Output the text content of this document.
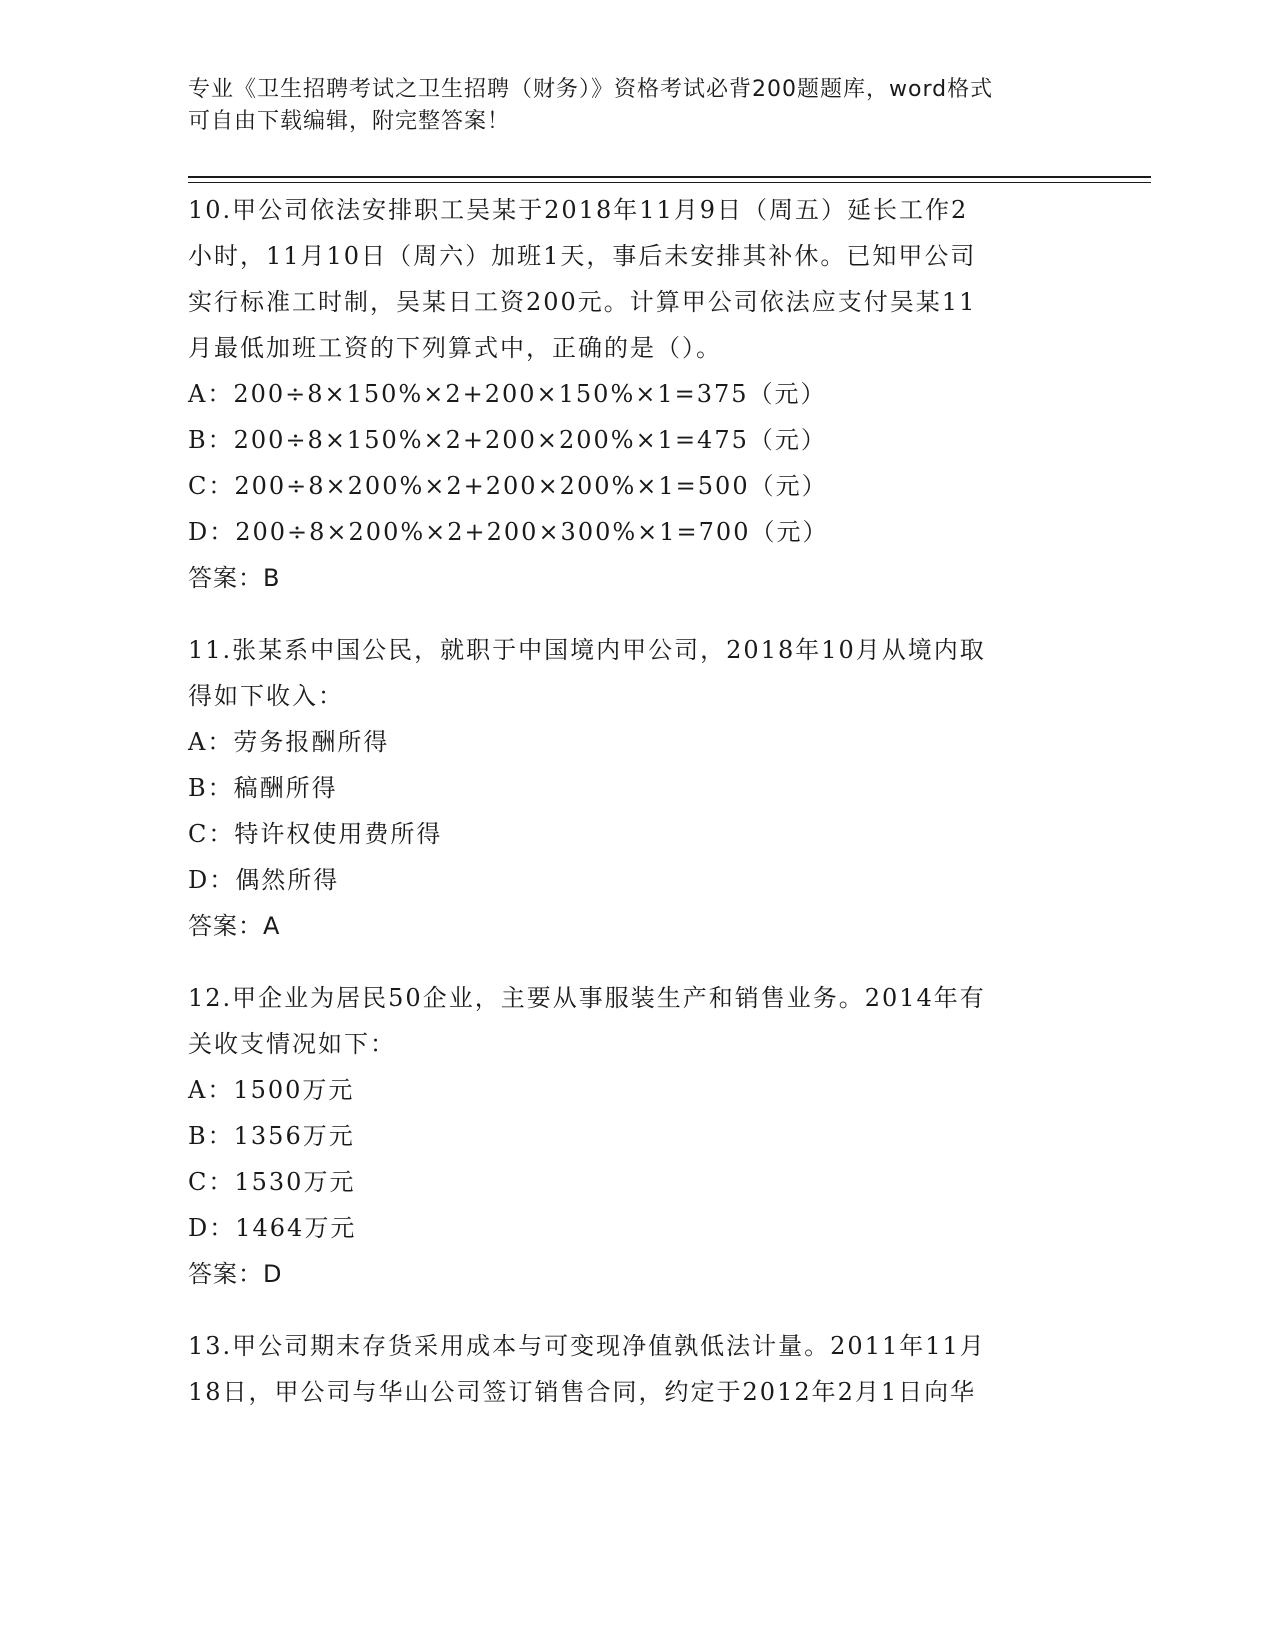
专业《卫生招聘考试之卫生招聘（财务）》资格考试必背200题题库，word格式
可自由下载编辑，附完整答案！
10.甲公司依法安排职工吴某于2018年11月9日（周五）延长工作2
小时，11月10日（周六）加班1天，事后未安排其补休。已知甲公司
实行标准工时制，吴某日工资200元。计算甲公司依法应支付吴某11
月最低加班工资的下列算式中，正确的是（）。
A：200÷8×150%×2+200×150%×1=375（元）
B：200÷8×150%×2+200×200%×1=475（元）
C：200÷8×200%×2+200×200%×1=500（元）
D：200÷8×200%×2+200×300%×1=700（元）
答案：B
11.张某系中国公民，就职于中国境内甲公司，2018年10月从境内取
得如下收入：
A：劳务报酬所得
B：稿酬所得
C：特许权使用费所得
D：偶然所得
答案：A
12.甲企业为居民50企业，主要从事服装生产和销售业务。2014年有
关收支情况如下：
A：1500万元
B：1356万元
C：1530万元
D：1464万元
答案：D
13.甲公司期末存货采用成本与可变现净值孰低法计量。2011年11月
18日，甲公司与华山公司签订销售合同，约定于2012年2月1日向华
